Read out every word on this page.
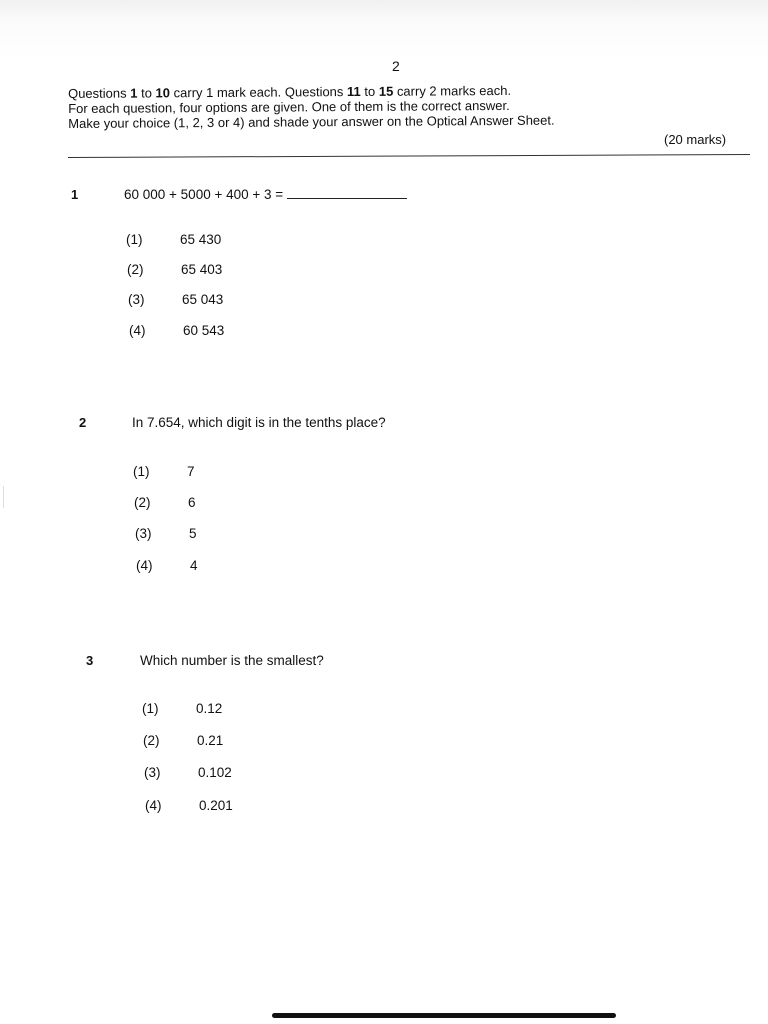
2
Questions 1 to 10 carry 1 mark each. Questions 11 to 15 carry 2 marks each.
For each question, four options are given. One of them is the correct answer.
Make your choice (1, 2, 3 or 4) and shade your answer on the Optical Answer Sheet.
(20 marks)
1	60 000 + 5000 + 400 + 3 =
(1)	65 430
(2)	65 403
(3)	65 043
(4)	60 543
2	In 7.654, which digit is in the tenths place?
(1)	7
(2)	6
(3)	5
(4)	4
3	Which number is the smallest?
(1)	0.12
(2)	0.21
(3)	0.102
(4)	0.201
